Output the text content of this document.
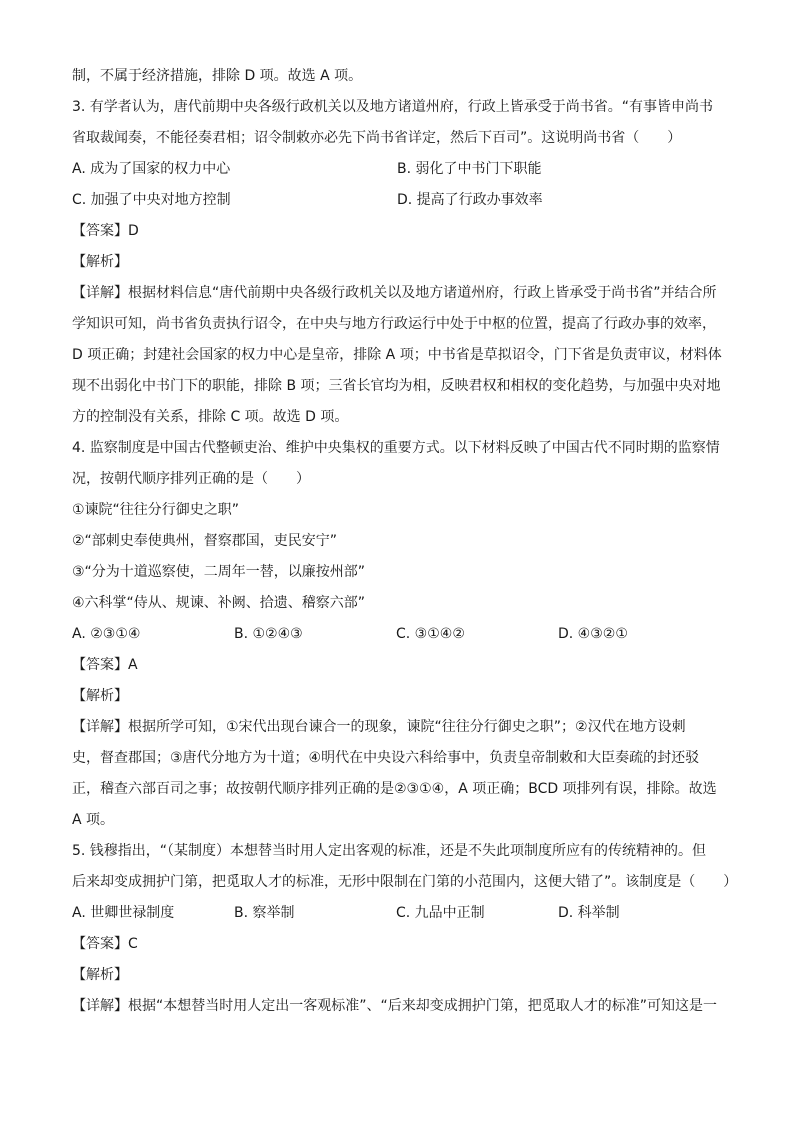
制，不属于经济措施，排除 D 项。故选 A 项。
3. 有学者认为，唐代前期中央各级行政机关以及地方诸道州府，行政上皆承受于尚书省。“有事皆申尚书
省取裁闻奏，不能径奏君相；诏令制敕亦必先下尚书省详定，然后下百司”。这说明尚书省（　　）
A. 成为了国家的权力中心	B. 弱化了中书门下职能
C. 加强了中央对地方控制	D. 提高了行政办事效率
【答案】D
【解析】
【详解】根据材料信息“唐代前期中央各级行政机关以及地方诸道州府，行政上皆承受于尚书省”并结合所
学知识可知，尚书省负责执行诏令，在中央与地方行政运行中处于中枢的位置，提高了行政办事的效率，
D 项正确；封建社会国家的权力中心是皇帝，排除 A 项；中书省是草拟诏令，门下省是负责审议，材料体
现不出弱化中书门下的职能，排除 B 项；三省长官均为相，反映君权和相权的变化趋势，与加强中央对地
方的控制没有关系，排除 C 项。故选 D 项。
4. 监察制度是中国古代整顿吏治、维护中央集权的重要方式。以下材料反映了中国古代不同时期的监察情
况，按朝代顺序排列正确的是（　　）
①谏院“往往分行御史之职”
②“部刺史奉使典州，督察郡国，吏民安宁”
③“分为十道巡察使，二周年一替，以廉按州部”
④六科掌“侍从、规谏、补阙、拾遗、稽察六部”
A. ②③①④	B. ①②④③	C. ③①④②	D. ④③②①
【答案】A
【解析】
【详解】根据所学可知，①宋代出现台谏合一的现象，谏院“往往分行御史之职”；②汉代在地方设刺
史，督查郡国；③唐代分地方为十道；④明代在中央设六科给事中，负责皇帝制敕和大臣奏疏的封还驳
正，稽查六部百司之事；故按朝代顺序排列正确的是②③①④，A 项正确；BCD 项排列有误，排除。故选
A 项。
5. 钱穆指出，“（某制度）本想替当时用人定出客观的标准，还是不失此项制度所应有的传统精神的。但
后来却变成拥护门第，把觅取人才的标准，无形中限制在门第的小范围内，这便大错了”。该制度是（　　）
A. 世卿世禄制度	B. 察举制	C. 九品中正制	D. 科举制
【答案】C
【解析】
【详解】根据“本想替当时用人定出一客观标准”、“后来却变成拥护门第，把觅取人才的标准”可知这是一
